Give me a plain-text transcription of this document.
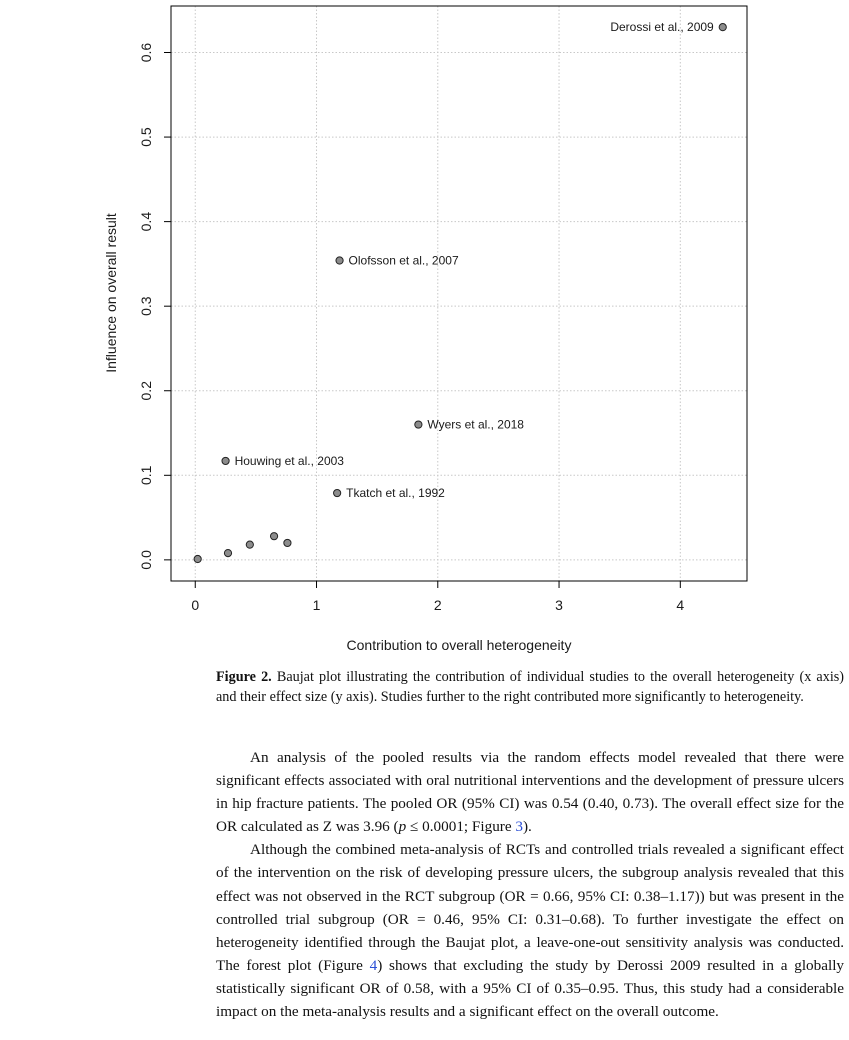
0	1	2	3	4
0.0
0.1
0.2
0.3
0.4
0.5
0.6
Derossi et al., 2009
Olofsson et al., 2007
Wyers et al., 2018
Houwing et al., 2003
Tkatch et al., 1992
Contribution to overall heterogeneity
Influence on overall result

Figure 2. Baujat plot illustrating the contribution of individual studies to the overall heterogeneity (x axis) and their effect size (y axis). Studies further to the right contributed more significantly to heterogeneity.

An analysis of the pooled results via the random effects model revealed that there were significant effects associated with oral nutritional interventions and the development of pressure ulcers in hip fracture patients. The pooled OR (95% CI) was 0.54 (0.40, 0.73). The overall effect size for the OR calculated as Z was 3.96 (p ≤ 0.0001; Figure 3).

Although the combined meta-analysis of RCTs and controlled trials revealed a significant effect of the intervention on the risk of developing pressure ulcers, the subgroup analysis revealed that this effect was not observed in the RCT subgroup (OR = 0.66, 95% CI: 0.38–1.17)) but was present in the controlled trial subgroup (OR = 0.46, 95% CI: 0.31–0.68). To further investigate the effect on heterogeneity identified through the Baujat plot, a leave-one-out sensitivity analysis was conducted. The forest plot (Figure 4) shows that excluding the study by Derossi 2009 resulted in a globally statistically significant OR of 0.58, with a 95% CI of 0.35–0.95. Thus, this study had a considerable impact on the meta-analysis results and a significant effect on the overall outcome.
